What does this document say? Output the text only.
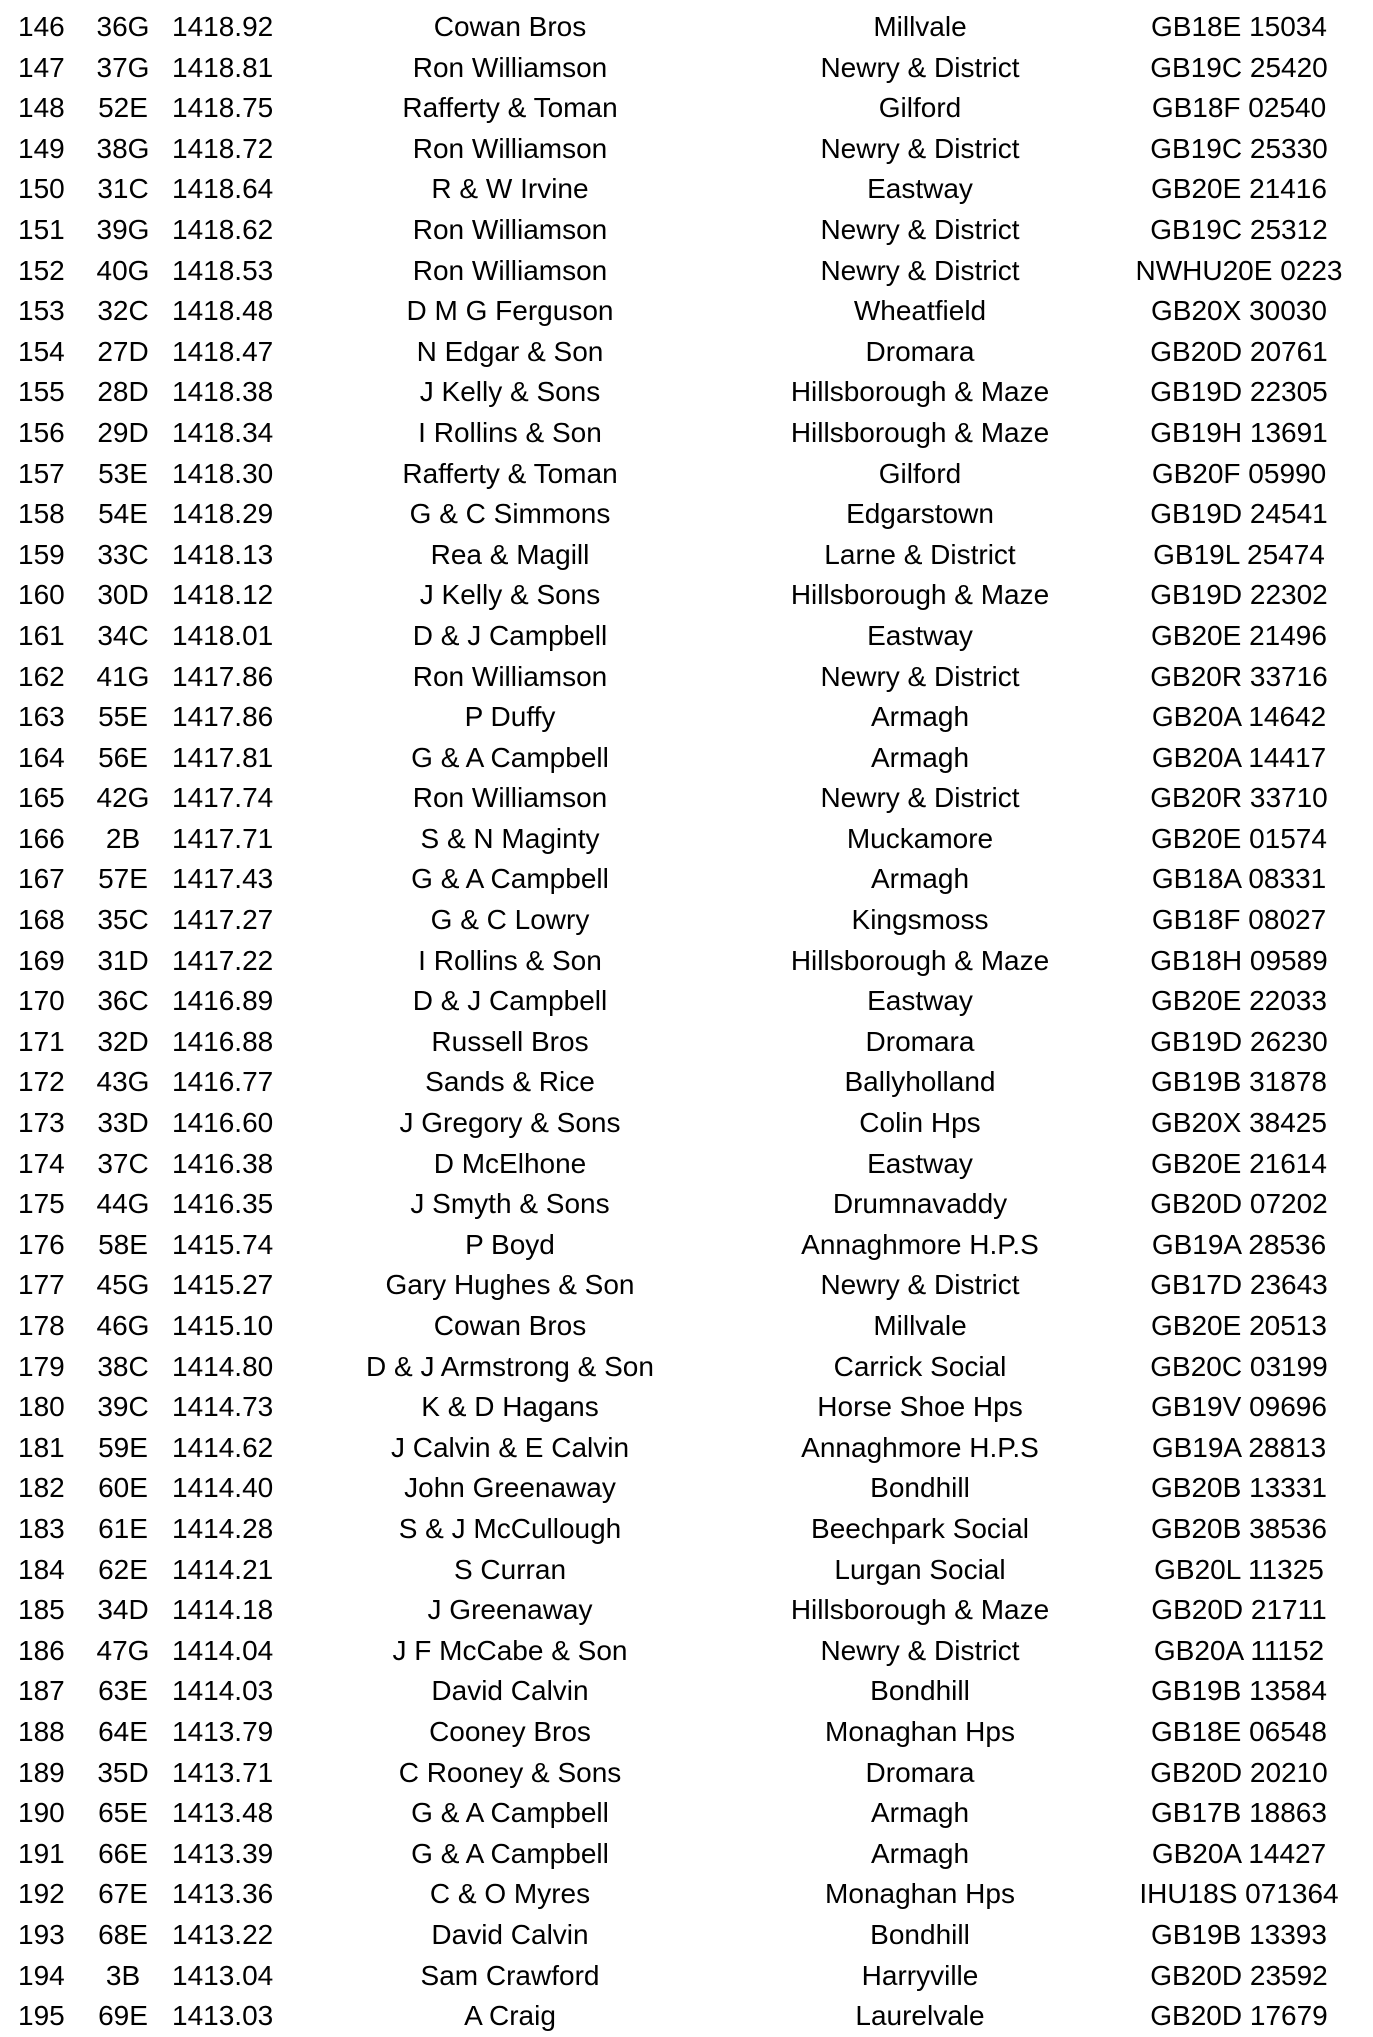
146	36G 1418.92	Cowan Bros	Millvale	GB18E 15034
147	37G 1418.81	Ron Williamson	Newry & District	GB19C 25420
148	52E 1418.75	Rafferty & Toman	Gilford	GB18F 02540
149	38G 1418.72	Ron Williamson	Newry & District	GB19C 25330
150	31C 1418.64	R & W Irvine	Eastway	GB20E 21416
151	39G 1418.62	Ron Williamson	Newry & District	GB19C 25312
152	40G 1418.53	Ron Williamson	Newry & District	NWHU20E 0223
153	32C 1418.48	D M G Ferguson	Wheatfield	GB20X 30030
154	27D 1418.47	N Edgar & Son	Dromara	GB20D 20761
155	28D 1418.38	J Kelly & Sons	Hillsborough & Maze	GB19D 22305
156	29D 1418.34	I Rollins & Son	Hillsborough & Maze	GB19H 13691
157	53E 1418.30	Rafferty & Toman	Gilford	GB20F 05990
158	54E 1418.29	G & C Simmons	Edgarstown	GB19D 24541
159	33C 1418.13	Rea & Magill	Larne & District	GB19L 25474
160	30D 1418.12	J Kelly & Sons	Hillsborough & Maze	GB19D 22302
161	34C 1418.01	D & J Campbell	Eastway	GB20E 21496
162	41G 1417.86	Ron Williamson	Newry & District	GB20R 33716
163	55E 1417.86	P Duffy	Armagh	GB20A 14642
164	56E 1417.81	G & A Campbell	Armagh	GB20A 14417
165	42G 1417.74	Ron Williamson	Newry & District	GB20R 33710
166	2B	1417.71	S & N Maginty	Muckamore	GB20E 01574
167	57E 1417.43	G & A Campbell	Armagh	GB18A 08331
168	35C 1417.27	G & C Lowry	Kingsmoss	GB18F 08027
169	31D 1417.22	I Rollins & Son	Hillsborough & Maze	GB18H 09589
170	36C 1416.89	D & J Campbell	Eastway	GB20E 22033
171	32D 1416.88	Russell Bros	Dromara	GB19D 26230
172	43G 1416.77	Sands & Rice	Ballyholland	GB19B 31878
173	33D 1416.60	J Gregory & Sons	Colin Hps	GB20X 38425
174	37C 1416.38	D McElhone	Eastway	GB20E 21614
175	44G 1416.35	J Smyth & Sons	Drumnavaddy	GB20D 07202
176	58E 1415.74	P Boyd	Annaghmore H.P.S	GB19A 28536
177	45G 1415.27	Gary Hughes & Son	Newry & District	GB17D 23643
178	46G 1415.10	Cowan Bros	Millvale	GB20E 20513
179	38C 1414.80	D & J Armstrong & Son	Carrick Social	GB20C 03199
180	39C 1414.73	K & D Hagans	Horse Shoe Hps	GB19V 09696
181	59E 1414.62	J Calvin & E Calvin	Annaghmore H.P.S	GB19A 28813
182	60E 1414.40	John Greenaway	Bondhill	GB20B 13331
183	61E 1414.28	S & J McCullough	Beechpark Social	GB20B 38536
184	62E 1414.21	S Curran	Lurgan Social	GB20L 11325
185	34D 1414.18	J Greenaway	Hillsborough & Maze	GB20D 21711
186	47G 1414.04	J F McCabe & Son	Newry & District	GB20A 11152
187	63E 1414.03	David Calvin	Bondhill	GB19B 13584
188	64E 1413.79	Cooney Bros	Monaghan Hps	GB18E 06548
189	35D 1413.71	C Rooney & Sons	Dromara	GB20D 20210
190	65E 1413.48	G & A Campbell	Armagh	GB17B 18863
191	66E 1413.39	G & A Campbell	Armagh	GB20A 14427
192	67E 1413.36	C & O Myres	Monaghan Hps	IHU18S 071364
193	68E 1413.22	David Calvin	Bondhill	GB19B 13393
194	3B	1413.04	Sam Crawford	Harryville	GB20D 23592
195	69E 1413.03	A Craig	Laurelvale	GB20D 17679
